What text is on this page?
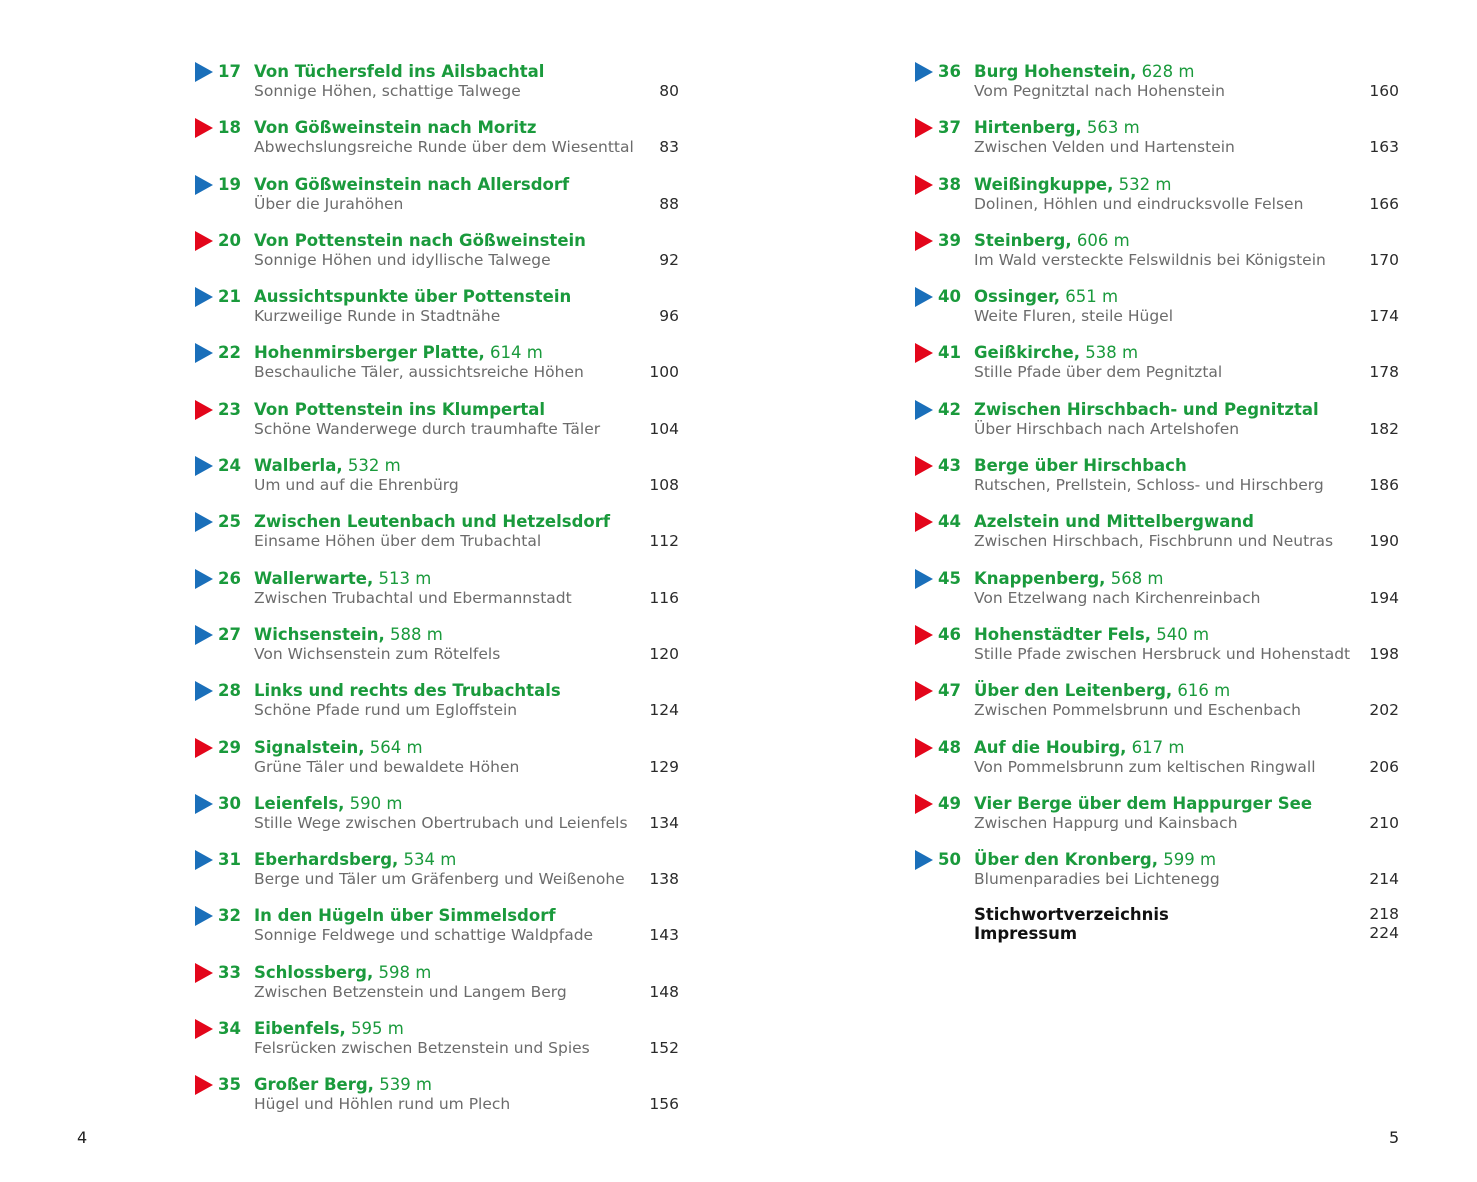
17 Von Tüchersfeld ins Ailsbachtal
Sonnige Höhen, schattige Talwege	80
18 Von Gößweinstein nach Moritz
Abwechslungsreiche Runde über dem Wiesenttal 83
19 Von Gößweinstein nach Allersdorf
Über die Jurahöhen	88
20 Von Pottenstein nach Gößweinstein
Sonnige Höhen und idyllische Talwege	92
21 Aussichtspunkte über Pottenstein
Kurzweilige Runde in Stadtnähe	96
22 Hohenmirsberger Platte, 614 m
Beschauliche Täler, aussichtsreiche Höhen	100
23 Von Pottenstein ins Klumpertal
Schöne Wanderwege durch traumhafte Täler	104
24 Walberla, 532 m
Um und auf die Ehrenbürg	108
25 Zwischen Leutenbach und Hetzelsdorf
Einsame Höhen über dem Trubachtal	112
26 Wallerwarte, 513 m
Zwischen Trubachtal und Ebermannstadt	116
27 Wichsenstein, 588 m
Von Wichsenstein zum Rötelfels	120
28 Links und rechts des Trubachtals
Schöne Pfade rund um Egloffstein	124
29 Signalstein, 564 m
Grüne Täler und bewaldete Höhen	129
30 Leienfels, 590 m
Stille Wege zwischen Obertrubach und Leienfels 134
31 Eberhardsberg, 534 m
Berge und Täler um Gräfenberg und Weißenohe 138
32 In den Hügeln über Simmelsdorf
Sonnige Feldwege und schattige Waldpfade	143
33 Schlossberg, 598 m
Zwischen Betzenstein und Langem Berg	148
34 Eibenfels, 595 m
Felsrücken zwischen Betzenstein und Spies	152
35 Großer Berg, 539 m
Hügel und Höhlen rund um Plech	156
36 Burg Hohenstein, 628 m
Vom Pegnitztal nach Hohenstein	160
37 Hirtenberg, 563 m
Zwischen Velden und Hartenstein	163
38 Weißingkuppe, 532 m
Dolinen, Höhlen und eindrucksvolle Felsen	166
39 Steinberg, 606 m
Im Wald versteckte Felswildnis bei Königstein	170
40 Ossinger, 651 m
Weite Fluren, steile Hügel	174
41 Geißkirche, 538 m
Stille Pfade über dem Pegnitztal	178
42 Zwischen Hirschbach- und Pegnitztal
Über Hirschbach nach Artelshofen	182
43 Berge über Hirschbach
Rutschen, Prellstein, Schloss- und Hirschberg	186
44 Azelstein und Mittelbergwand
Zwischen Hirschbach, Fischbrunn und Neutras 190
45 Knappenberg, 568 m
Von Etzelwang nach Kirchenreinbach	194
46 Hohenstädter Fels, 540 m
Stille Pfade zwischen Hersbruck und Hohenstadt 198
47 Über den Leitenberg, 616 m
Zwischen Pommelsbrunn und Eschenbach	202
48 Auf die Houbirg, 617 m
Von Pommelsbrunn zum keltischen Ringwall	206
49 Vier Berge über dem Happurger See
Zwischen Happurg und Kainsbach	210
50 Über den Kronberg, 599 m
Blumenparadies bei Lichtenegg	214
Stichwortverzeichnis	218
Impressum	224
4	5
